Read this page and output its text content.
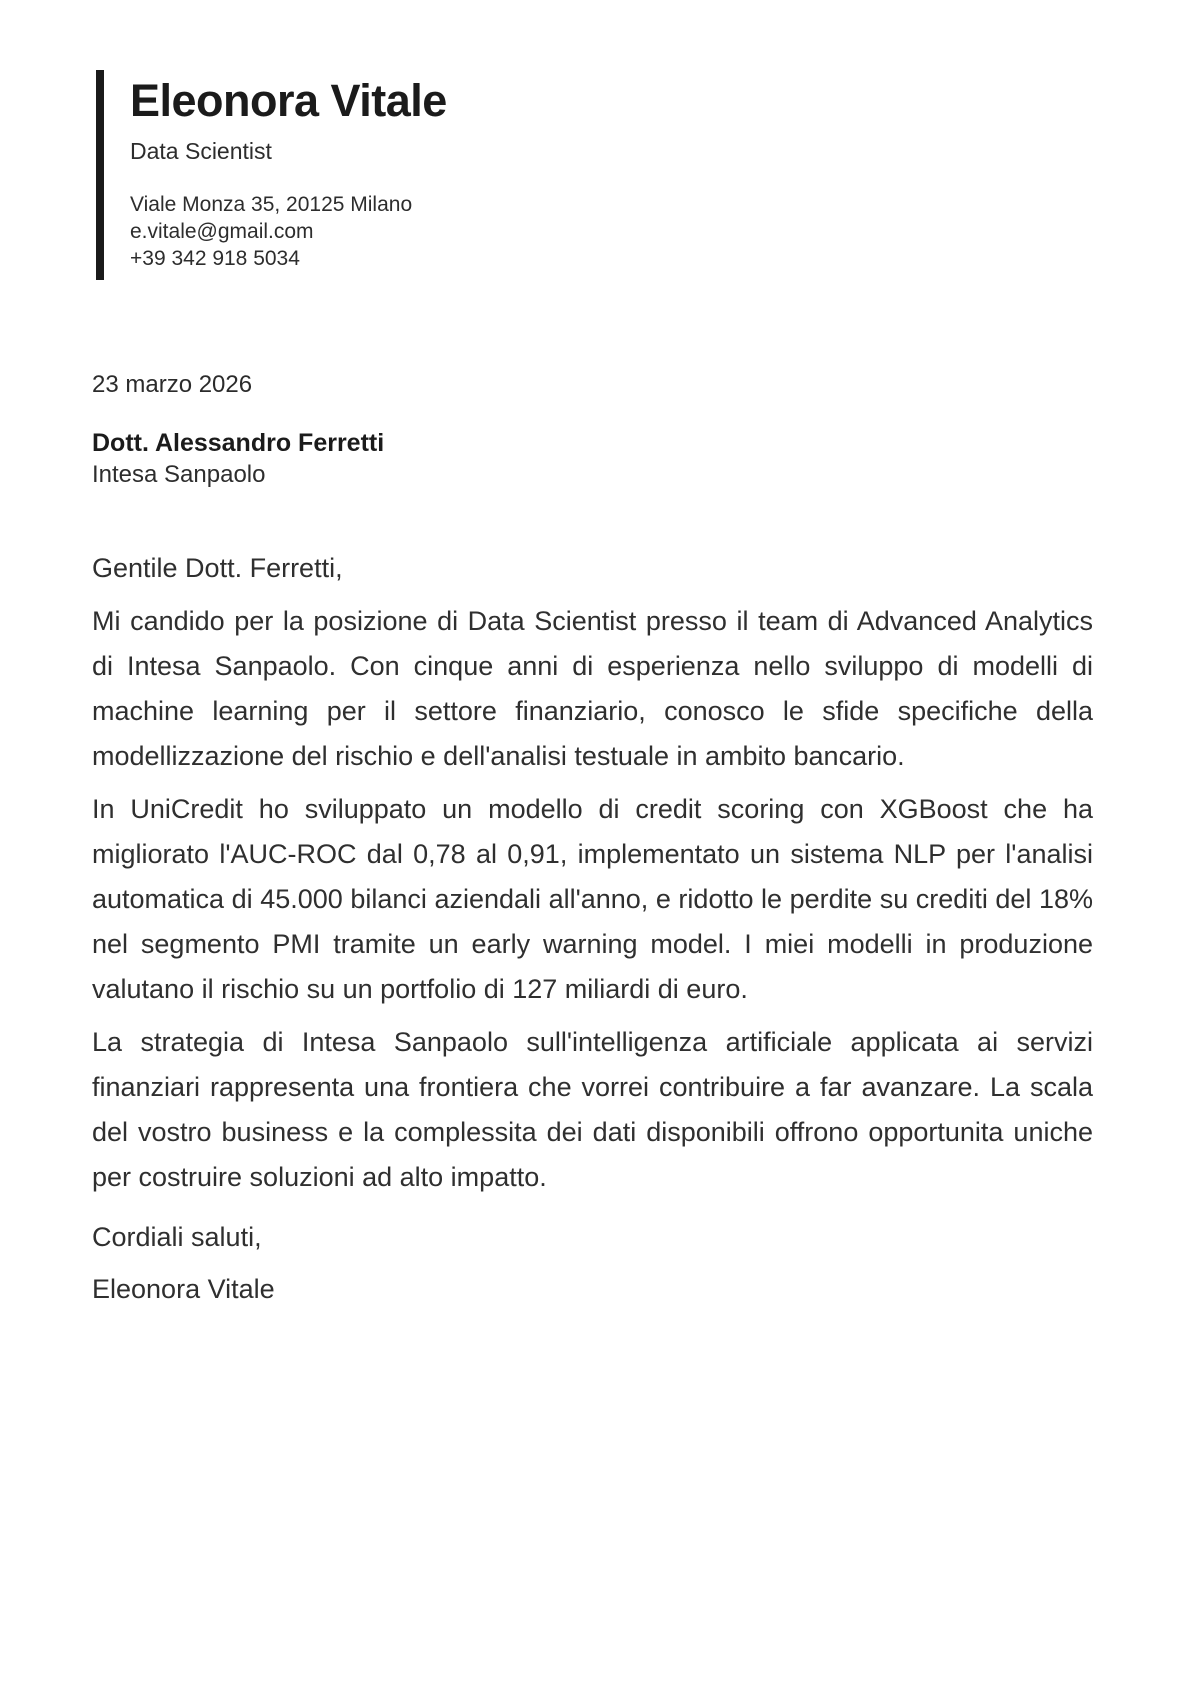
Eleonora Vitale
Data Scientist
Viale Monza 35, 20125 Milano
e.vitale@gmail.com
+39 342 918 5034
23 marzo 2026
Dott. Alessandro Ferretti
Intesa Sanpaolo
Gentile Dott. Ferretti,

Mi candido per la posizione di Data Scientist presso il team di Advanced Analytics di Intesa Sanpaolo. Con cinque anni di esperienza nello sviluppo di modelli di machine learning per il settore finanziario, conosco le sfide specifiche della modellizzazione del rischio e dell'analisi testuale in ambito bancario.

In UniCredit ho sviluppato un modello di credit scoring con XGBoost che ha migliorato l'AUC-ROC dal 0,78 al 0,91, implementato un sistema NLP per l'analisi automatica di 45.000 bilanci aziendali all'anno, e ridotto le perdite su crediti del 18% nel segmento PMI tramite un early warning model. I miei modelli in produzione valutano il rischio su un portfolio di 127 miliardi di euro.

La strategia di Intesa Sanpaolo sull'intelligenza artificiale applicata ai servizi finanziari rappresenta una frontiera che vorrei contribuire a far avanzare. La scala del vostro business e la complessita dei dati disponibili offrono opportunita uniche per costruire soluzioni ad alto impatto.

Cordiali saluti,
Eleonora Vitale
